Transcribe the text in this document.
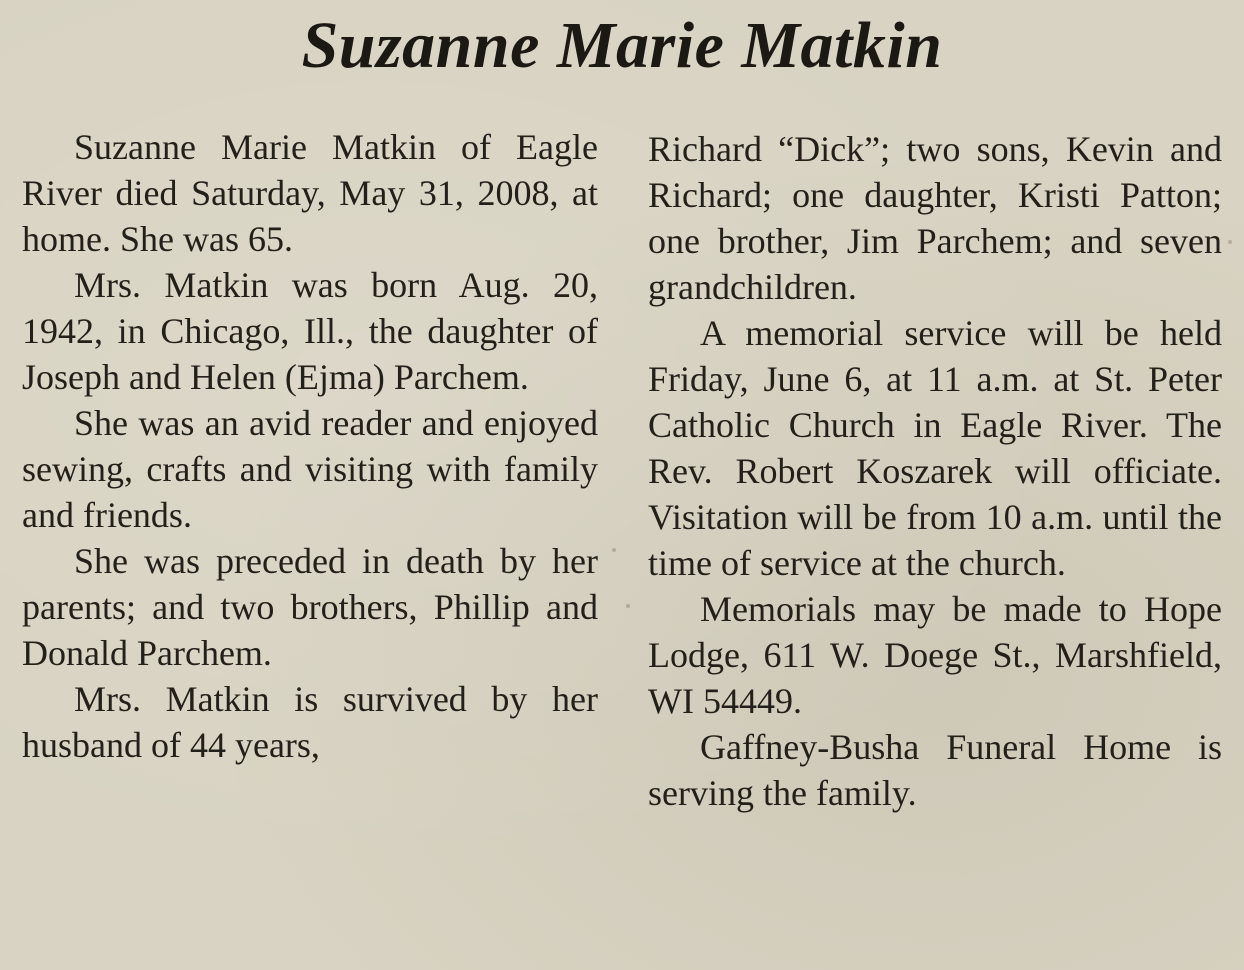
Suzanne Marie Matkin

Suzanne Marie Matkin of Eagle River died Saturday, May 31, 2008, at home. She was 65.

Mrs. Matkin was born Aug. 20, 1942, in Chicago, Ill., the daughter of Joseph and Helen (Ejma) Parchem.

She was an avid reader and enjoyed sewing, crafts and visiting with family and friends.

She was preceded in death by her parents; and two brothers, Phillip and Donald Parchem.

Mrs. Matkin is survived by her husband of 44 years,

Richard “Dick”; two sons, Kevin and Richard; one daughter, Kristi Patton; one brother, Jim Parchem; and seven grandchildren.

A memorial service will be held Friday, June 6, at 11 a.m. at St. Peter Catholic Church in Eagle River. The Rev. Robert Koszarek will officiate. Visitation will be from 10 a.m. until the time of service at the church.

Memorials may be made to Hope Lodge, 611 W. Doege St., Marshfield, WI 54449.

Gaffney-Busha Funeral Home is serving the family.
